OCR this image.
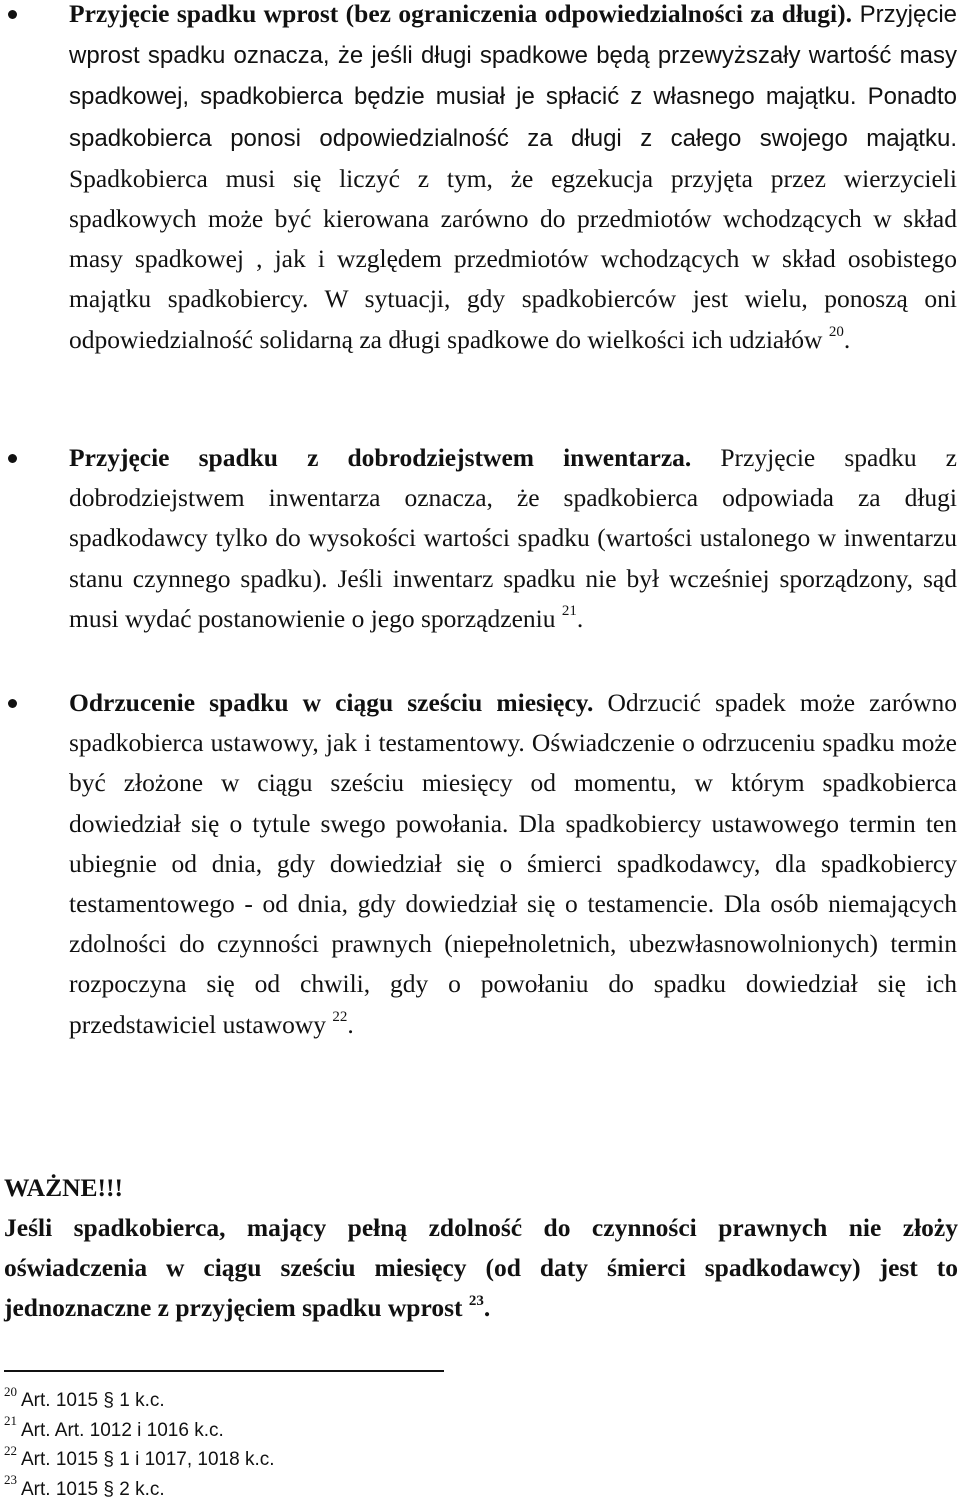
Przyjęcie spadku wprost (bez ograniczenia odpowiedzialności za długi). Przyjęcie wprost spadku oznacza, że jeśli długi spadkowe będą przewyższały wartość masy spadkowej, spadkobierca będzie musiał je spłacić z własnego majątku. Ponadto spadkobierca ponosi odpowiedzialność za długi z całego swojego majątku. Spadkobierca musi się liczyć z tym, że egzekucja przyjęta przez wierzycieli spadkowych może być kierowana zarówno do przedmiotów wchodzących w skład masy spadkowej , jak i względem przedmiotów wchodzących w skład osobistego majątku spadkobiercy. W sytuacji, gdy spadkobierców jest wielu, ponoszą oni odpowiedzialność solidarną za długi spadkowe do wielkości ich udziałów $^{20}$.

Przyjęcie spadku z dobrodziejstwem inwentarza. Przyjęcie spadku z dobrodziejstwem inwentarza oznacza, że spadkobierca odpowiada za długi spadkodawcy tylko do wysokości wartości spadku (wartości ustalonego w inwentarzu stanu czynnego spadku). Jeśli inwentarz spadku nie był wcześniej sporządzony, sąd musi wydać postanowienie o jego sporządzeniu $^{21}$.

Odrzucenie spadku w ciągu sześciu miesięcy. Odrzucić spadek może zarówno spadkobierca ustawowy, jak i testamentowy. Oświadczenie o odrzuceniu spadku może być złożone w ciągu sześciu miesięcy od momentu, w którym spadkobierca dowiedział się o tytule swego powołania. Dla spadkobiercy ustawowego termin ten ubiegnie od dnia, gdy dowiedział się o śmierci spadkodawcy, dla spadkobiercy testamentowego - od dnia, gdy dowiedział się o testamencie. Dla osób niemających zdolności do czynności prawnych (niepełnoletnich, ubezwłasnowolnionych) termin rozpoczyna się od chwili, gdy o powołaniu do spadku dowiedział się ich przedstawiciel ustawowy $^{22}$.

WAŻNE!!!

Jeśli spadkobierca, mający pełną zdolność do czynności prawnych nie złoży oświadczenia w ciągu sześciu miesięcy (od daty śmierci spadkodawcy) jest to jednoznaczne z przyjęciem spadku wprost $^{23}$.

$^{20}$ Art. 1015 § 1 k.c.

$^{21}$ Art. Art. 1012 i 1016 k.c.

$^{22}$ Art. 1015 § 1 i 1017, 1018 k.c.

$^{23}$ Art. 1015 § 2 k.c.
